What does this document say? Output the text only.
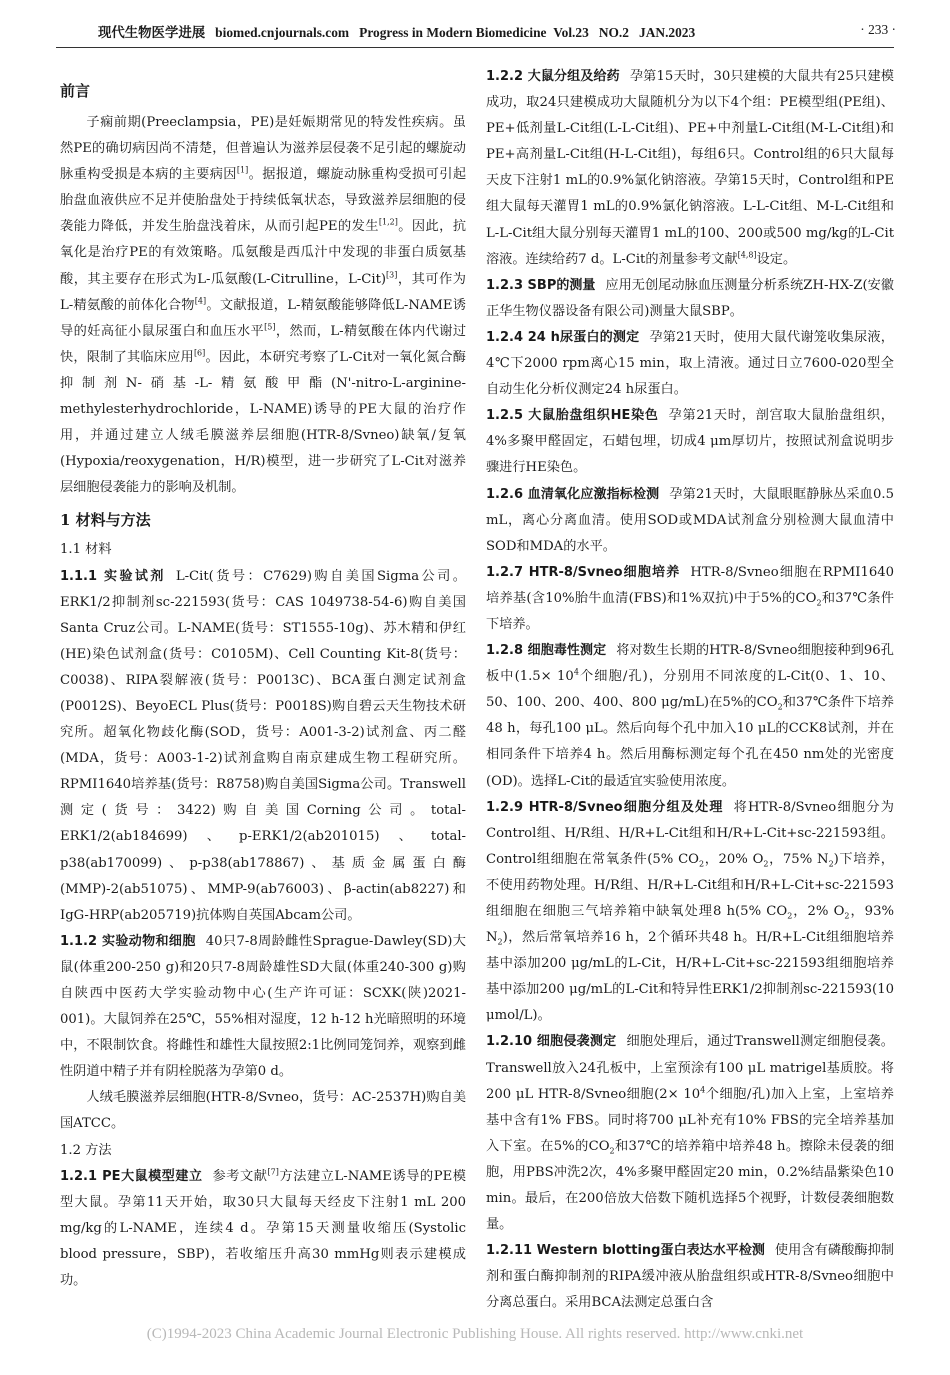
现代生物医学进展 biomed.cnjournals.com Progress in Modern Biomedicine Vol.23 NO.2 JAN.2023	· 233 ·
前言

子痫前期(Preeclampsia，PE)是妊娠期常见的特发性疾病。虽然PE的确切病因尚不清楚，但普遍认为滋养层侵袭不足引起的螺旋动脉重构受损是本病的主要病因[1]。据报道，螺旋动脉重构受损可引起胎盘血液供应不足并使胎盘处于持续低氧状态，导致滋养层细胞的侵袭能力降低，并发生胎盘浅着床，从而引起PE的发生[1,2]。因此，抗氧化是治疗PE的有效策略。瓜氨酸是西瓜汁中发现的非蛋白质氨基酸，其主要存在形式为L-瓜氨酸(L-Citrulline，L-Cit)[3]，其可作为L-精氨酸的前体化合物[4]。文献报道，L-精氨酸能够降低L-NAME诱导的妊高征小鼠尿蛋白和血压水平[5]，然而，L-精氨酸在体内代谢过快，限制了其临床应用[6]。因此，本研究考察了L-Cit对一氧化氮合酶抑制剂N-硝基-L-精氨酸甲酯(N'-nitro-L-arginine-methylesterhydrochloride，L-NAME)诱导的PE大鼠的治疗作用，并通过建立人绒毛膜滋养层细胞(HTR-8/Svneo)缺氧/复氧(Hypoxia/reoxygenation，H/R)模型，进一步研究了L-Cit对滋养层细胞侵袭能力的影响及机制。

1 材料与方法

1.1 材料

1.1.1 实验试剂 L-Cit(货号：C7629)购自美国Sigma公司。ERK1/2抑制剂sc-221593(货号：CAS 1049738-54-6)购自美国Santa Cruz公司。L-NAME(货号：ST1555-10g)、苏木精和伊红(HE)染色试剂盒(货号：C0105M)、Cell Counting Kit-8(货号：C0038)、RIPA裂解液(货号：P0013C)、BCA蛋白测定试剂盒(P0012S)、BeyoECL Plus(货号：P0018S)购自碧云天生物技术研究所。超氧化物歧化酶(SOD，货号：A001-3-2)试剂盒、丙二醛(MDA，货号：A003-1-2)试剂盒购自南京建成生物工程研究所。RPMI1640培养基(货号：R8758)购自美国Sigma公司。Transwell测定(货号：3422)购自美国Corning公司。total-ERK1/2(ab184699)、p-ERK1/2(ab201015)、total-p38(ab170099)、p-p38(ab178867)、基质金属蛋白酶(MMP)-2(ab51075)、MMP-9(ab76003)、β-actin(ab8227)和IgG-HRP(ab205719)抗体购自英国Abcam公司。

1.1.2 实验动物和细胞 40只7-8周龄雌性Sprague-Dawley(SD)大鼠(体重200-250 g)和20只7-8周龄雄性SD大鼠(体重240-300 g)购自陕西中医药大学实验动物中心(生产许可证：SCXK(陕)2021-001)。大鼠饲养在25℃，55%相对湿度，12 h-12 h光暗照明的环境中，不限制饮食。将雌性和雄性大鼠按照2:1比例同笼饲养，观察到雌性阴道中精子并有阴栓脱落为孕第0 d。

人绒毛膜滋养层细胞(HTR-8/Svneo，货号：AC-2537H)购自美国ATCC。

1.2 方法

1.2.1 PE大鼠模型建立 参考文献[7]方法建立L-NAME诱导的PE模型大鼠。孕第11天开始，取30只大鼠每天经皮下注射1 mL 200 mg/kg的L-NAME，连续4 d。孕第15天测量收缩压(Systolic blood pressure，SBP)，若收缩压升高30 mmHg则表示建模成功。

1.2.2 大鼠分组及给药 孕第15天时，30只建模的大鼠共有25只建模成功，取24只建模成功大鼠随机分为以下4个组：PE模型组(PE组)、PE+低剂量L-Cit组(L-L-Cit组)、PE+中剂量L-Cit组(M-L-Cit组)和PE+高剂量L-Cit组(H-L-Cit组)，每组6只。Control组的6只大鼠每天皮下注射1 mL的0.9%氯化钠溶液。孕第15天时，Control组和PE组大鼠每天灌胃1 mL的0.9%氯化钠溶液。L-L-Cit组、M-L-Cit组和L-L-Cit组大鼠分别每天灌胃1 mL的100、200或500 mg/kg的L-Cit溶液。连续给药7 d。L-Cit的剂量参考文献[4,8]设定。

1.2.3 SBP的测量 应用无创尾动脉血压测量分析系统ZH-HX-Z(安徽正华生物仪器设备有限公司)测量大鼠SBP。

1.2.4 24 h尿蛋白的测定 孕第21天时，使用大鼠代谢笼收集尿液，4℃下2000 rpm离心15 min，取上清液。通过日立7600-020型全自动生化分析仪测定24 h尿蛋白。

1.2.5 大鼠胎盘组织HE染色 孕第21天时，剖宫取大鼠胎盘组织，4%多聚甲醛固定，石蜡包埋，切成4 μm厚切片，按照试剂盒说明步骤进行HE染色。

1.2.6 血清氧化应激指标检测 孕第21天时，大鼠眼眶静脉丛采血0.5 mL，离心分离血清。使用SOD或MDA试剂盒分别检测大鼠血清中SOD和MDA的水平。

1.2.7 HTR-8/Svneo细胞培养 HTR-8/Svneo细胞在RPMI1640培养基(含10%胎牛血清(FBS)和1%双抗)中于5%的$CO_2$和37℃条件下培养。

1.2.8 细胞毒性测定 将对数生长期的HTR-8/Svneo细胞接种到96孔板中($1.5\times 10^4$个细胞/孔)，分别用不同浓度的L-Cit(0、1、10、50、100、200、400、800 μg/mL)在5%的$CO_2$和37℃条件下培养48 h，每孔100 μL。然后向每个孔中加入10 μL的CCK8试剂，并在相同条件下培养4 h。然后用酶标测定每个孔在450 nm处的光密度(OD)。选择L-Cit的最适宜实验使用浓度。

1.2.9 HTR-8/Svneo细胞分组及处理 将HTR-8/Svneo细胞分为Control组、H/R组、H/R+L-Cit组和H/R+L-Cit+sc-221593组。Control组细胞在常氧条件(5% $CO_2$，20% $O_2$，75% $N_2$)下培养，不使用药物处理。H/R组、H/R+L-Cit组和H/R+L-Cit+sc-221593组细胞在细胞三气培养箱中缺氧处理8 h(5% $CO_2$，2% $O_2$，93% $N_2$)，然后常氧培养16 h，2个循环共48 h。H/R+L-Cit组细胞培养基中添加200 μg/mL的L-Cit，H/R+L-Cit+sc-221593组细胞培养基中添加200 μg/mL的L-Cit和特异性ERK1/2抑制剂sc-221593(10 μmol/L)。

1.2.10 细胞侵袭测定 细胞处理后，通过Transwell测定细胞侵袭。Transwell放入24孔板中，上室预涂有100 μL matrigel基质胶。将200 μL HTR-8/Svneo细胞($2\times 10^4$个细胞/孔)加入上室，上室培养基中含有1% FBS。同时将700 μL补充有10% FBS的完全培养基加入下室。在5%的$CO_2$和37℃的培养箱中培养48 h。擦除未侵袭的细胞，用PBS冲洗2次，4%多聚甲醛固定20 min，0.2%结晶紫染色10 min。最后，在200倍放大倍数下随机选择5个视野，计数侵袭细胞数量。

1.2.11 Western blotting蛋白表达水平检测 使用含有磷酸酶抑制剂和蛋白酶抑制剂的RIPA缓冲液从胎盘组织或HTR-8/Svneo细胞中分离总蛋白。采用BCA法测定总蛋白含

(C)1994-2023 China Academic Journal Electronic Publishing House. All rights reserved. http://www.cnki.net
